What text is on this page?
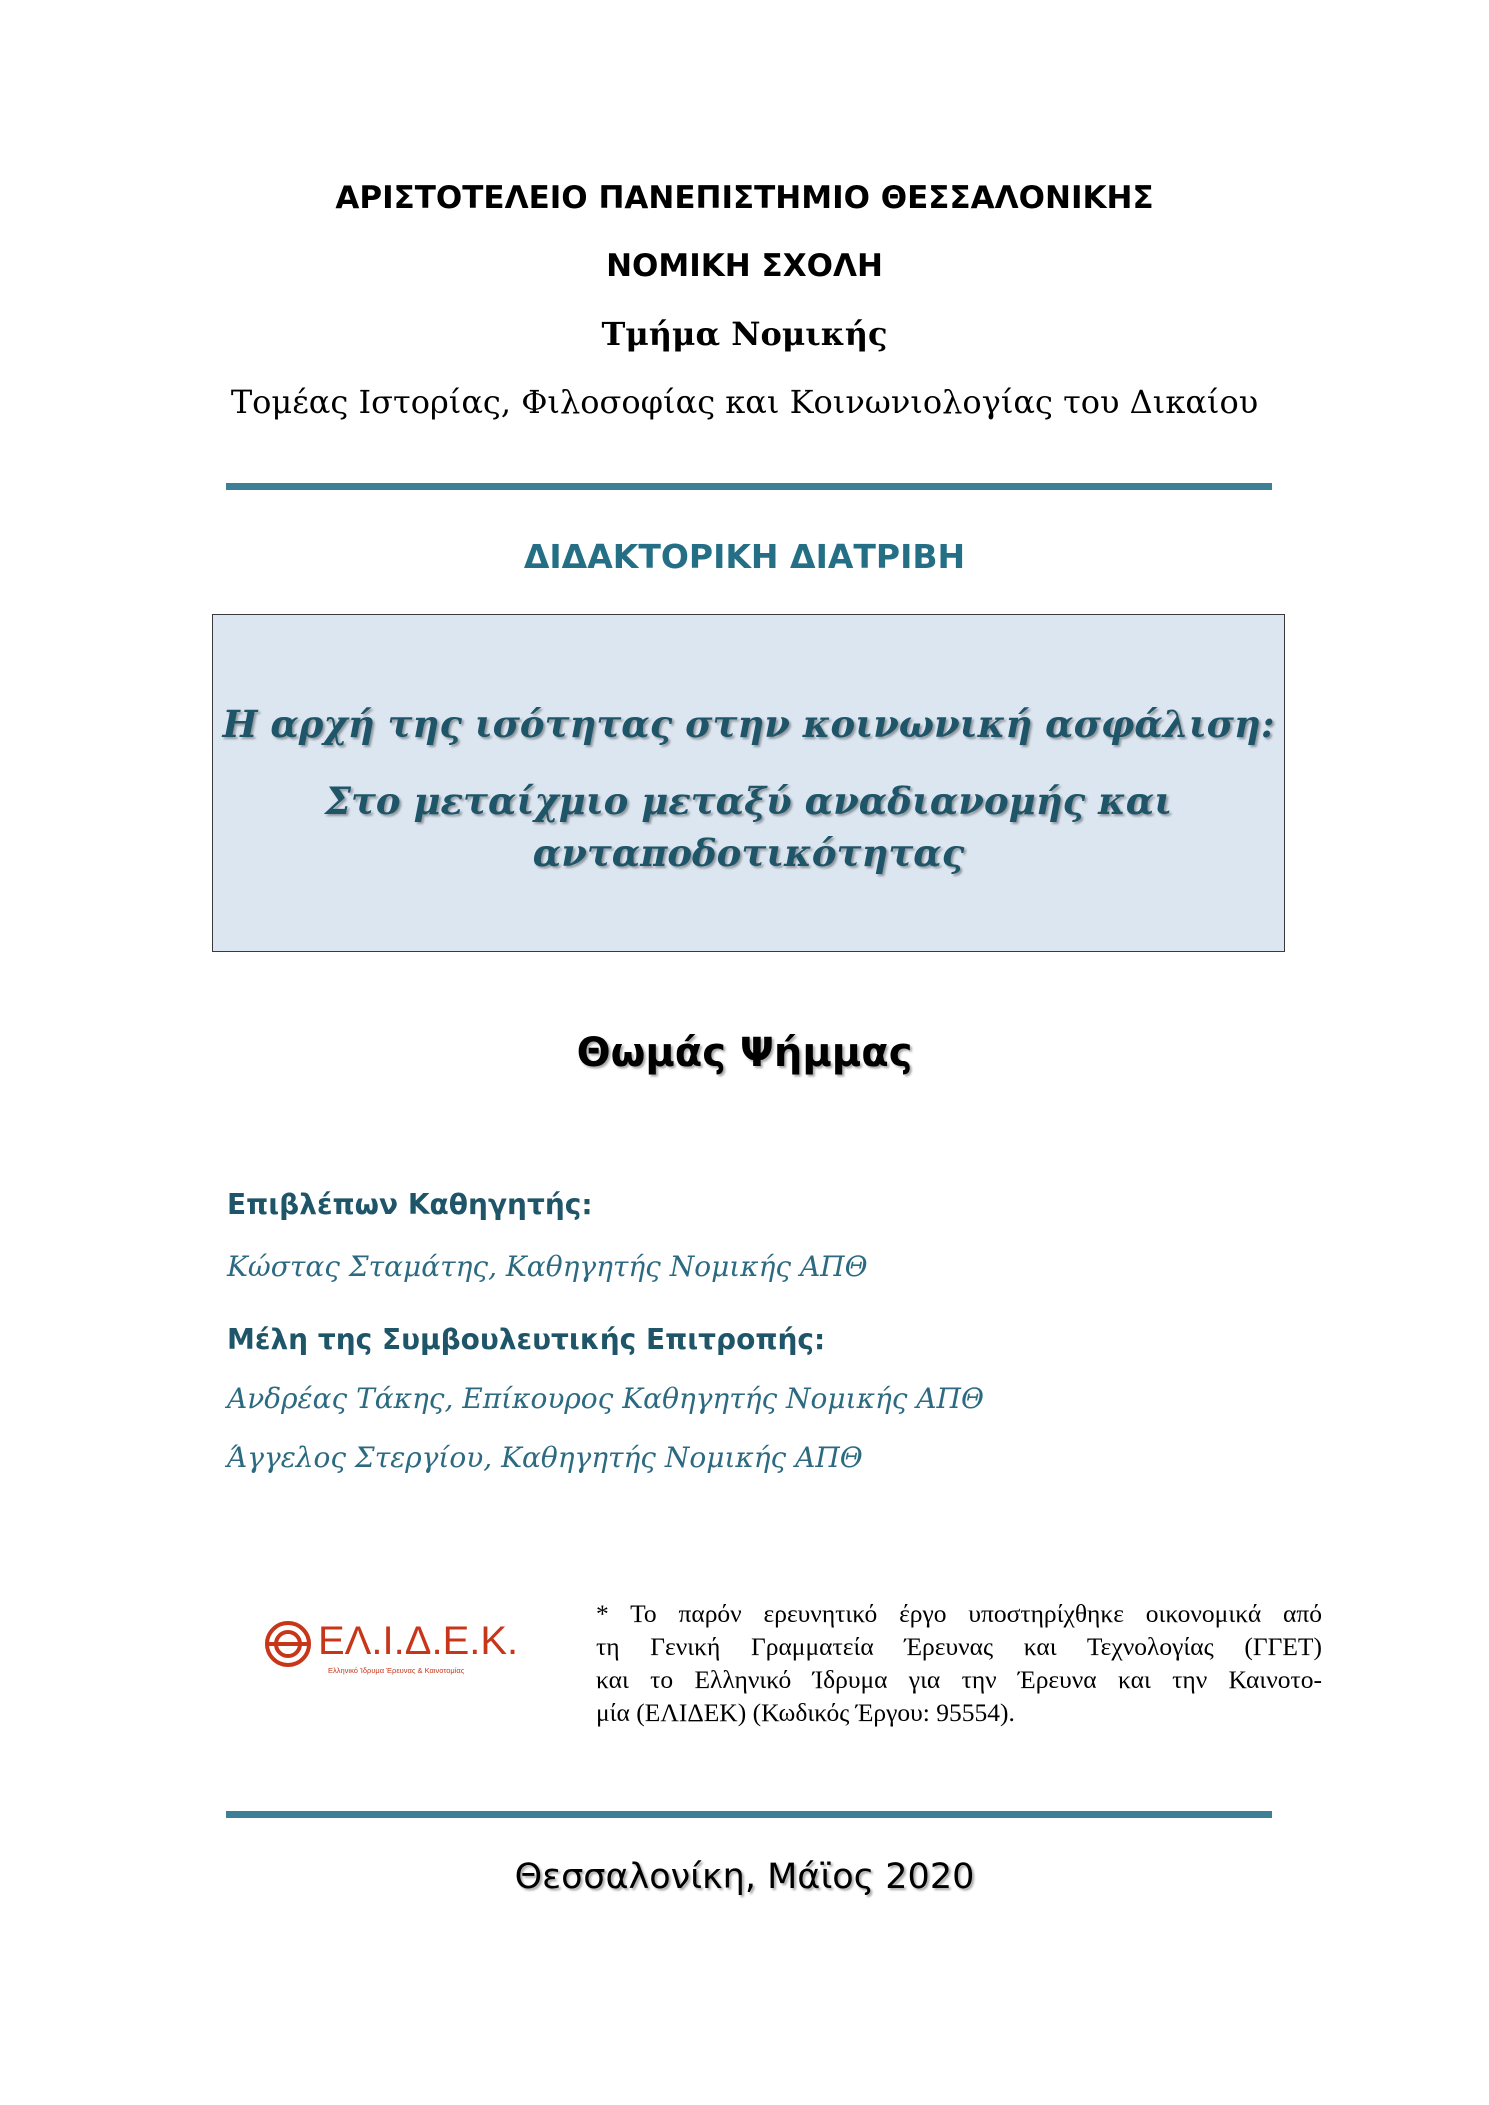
ΑΡΙΣΤΟΤΕΛΕΙΟ ΠΑΝΕΠΙΣΤΗΜΙΟ ΘΕΣΣΑΛΟΝΙΚΗΣ
ΝΟΜΙΚΗ ΣΧΟΛΗ
Τμήμα Νομικής
Τομέας Ιστορίας, Φιλοσοφίας και Κοινωνιολογίας του Δικαίου
ΔΙΔΑΚΤΟΡΙΚΗ ΔΙΑΤΡΙΒΗ
Η αρχή της ισότητας στην κοινωνική ασφάλιση:
Στο μεταίχμιο μεταξύ αναδιανομής και
ανταποδοτικότητας
Θωμάς Ψήμμας
Επιβλέπων Καθηγητής:
Κώστας Σταμάτης, Καθηγητής Νομικής ΑΠΘ
Μέλη της Συμβουλευτικής Επιτροπής:
Ανδρέας Τάκης, Επίκουρος Καθηγητής Νομικής ΑΠΘ
Άγγελος Στεργίου, Καθηγητής Νομικής ΑΠΘ
ΕΛ.Ι.Δ.Ε.Κ.
Ελληνικό Ίδρυμα Έρευνας & Καινοτομίας
* Το παρόν ερευνητικό έργο υποστηρίχθηκε οικονομικά από
τη Γενική Γραμματεία Έρευνας και Τεχνολογίας (ΓΓΕΤ)
και το Ελληνικό Ίδρυμα για την Έρευνα και την Καινοτο-
μία (ΕΛΙΔΕΚ) (Κωδικός Έργου: 95554).
Θεσσαλονίκη, Μάϊος 2020
